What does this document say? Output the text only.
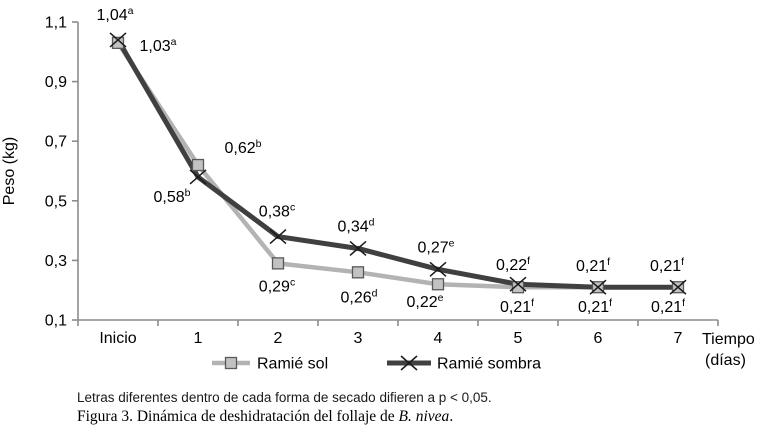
1,1
0,9
0,7
0,5
0,3
0,1
Inicio	1	2	3	4	5	6	7
Peso (kg)
Tiempo
(días)
1,03$^a$
0,62$^b$
0,29$^c$
0,26$^d$
0,22e
0,21$^f$	0,21$^f$ 0,21$^f$
1,04$^a$
0,58$^b$
0,38$^c$
0,34$^d$
0,27e
0,22$^f$	0,21$^f$ 0,21$^f$
Ramié sol	Ramié sombra
Letras diferentes dentro de cada forma de secado difieren a p < 0,05.
Figura 3. Dinámica de deshidratación del follaje de B. nivea.
